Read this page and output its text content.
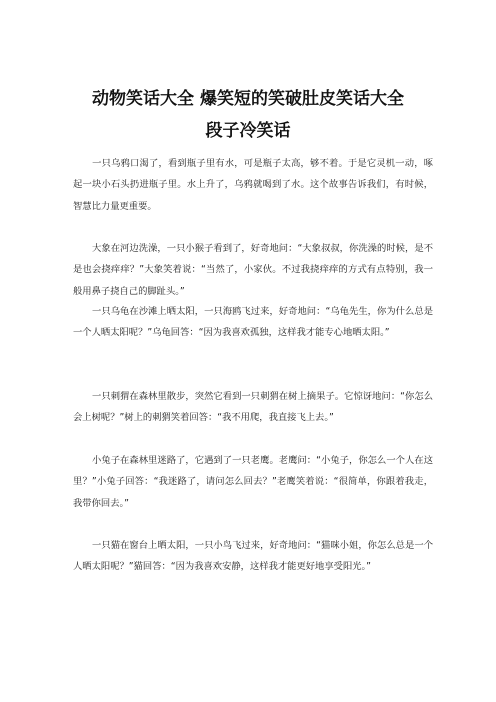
动物笑话大全 爆笑短的笑破肚皮笑话大全
段子冷笑话

一只乌鸦口渴了，看到瓶子里有水，可是瓶子太高，够不着。于是它灵机一动，啄起一块小石头扔进瓶子里。水上升了，乌鸦就喝到了水。这个故事告诉我们，有时候，智慧比力量更重要。

大象在河边洗澡，一只小猴子看到了，好奇地问：“大象叔叔，你洗澡的时候，是不是也会挠痒痒？”大象笑着说：“当然了，小家伙。不过我挠痒痒的方式有点特别，我一般用鼻子挠自己的脚趾头。”

一只乌龟在沙滩上晒太阳，一只海鸥飞过来，好奇地问：“乌龟先生，你为什么总是一个人晒太阳呢？”乌龟回答：“因为我喜欢孤独，这样我才能专心地晒太阳。”

一只刺猬在森林里散步，突然它看到一只刺猬在树上摘果子。它惊讶地问：“你怎么会上树呢？”树上的刺猬笑着回答：“我不用爬，我直接飞上去。”

小兔子在森林里迷路了，它遇到了一只老鹰。老鹰问：“小兔子，你怎么一个人在这里？”小兔子回答：“我迷路了，请问怎么回去？”老鹰笑着说：“很简单，你跟着我走，我带你回去。”

一只猫在窗台上晒太阳，一只小鸟飞过来，好奇地问：“猫咪小姐，你怎么总是一个人晒太阳呢？”猫回答：“因为我喜欢安静，这样我才能更好地享受阳光。”
